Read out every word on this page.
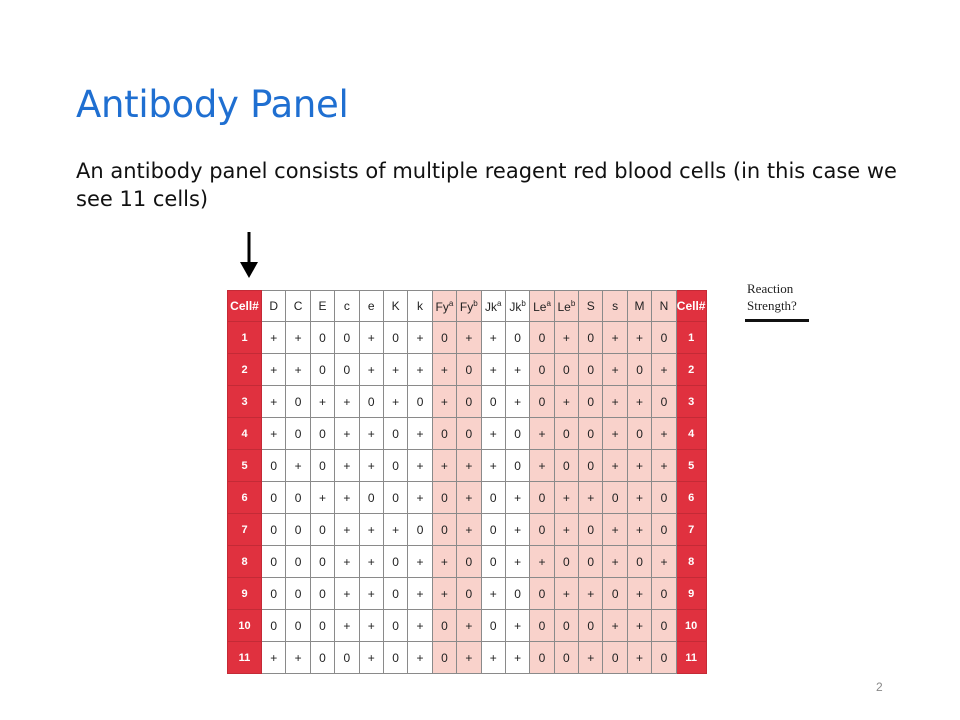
Antibody Panel
An antibody panel consists of multiple reagent red blood cells (in this case we see 11 cells)
Cell#	D	C	E	c	e	K	k	Fy$^a$	Fy$^b$	Jk$^a$	Jk$^b$	Le$^a$	Le$^b$	S	s	M	N	Cell#
1	+	+	0	0	+	0	+	0	+	+	0	0	+	0	+	+	0	1
2	+	+	0	0	+	+	+	+	0	+	+	0	0	0	+	0	+	2
3	+	0	+	+	0	+	0	+	0	0	+	0	+	0	+	+	0	3
4	+	0	0	+	+	0	+	0	0	+	0	+	0	0	+	0	+	4
5	0	+	0	+	+	0	+	+	+	+	0	+	0	0	+	+	+	5
6	0	0	+	+	0	0	+	0	+	0	+	0	+	+	0	+	0	6
7	0	0	0	+	+	+	0	0	+	0	+	0	+	0	+	+	0	7
8	0	0	0	+	+	0	+	+	0	0	+	+	0	0	+	0	+	8
9	0	0	0	+	+	0	+	+	0	+	0	0	+	+	0	+	0	9
10	0	0	0	+	+	0	+	0	+	0	+	0	0	0	+	+	0	10
11	+	+	0	0	+	0	+	0	+	+	+	0	0	+	0	+	0	11
Reaction
Strength?
2
